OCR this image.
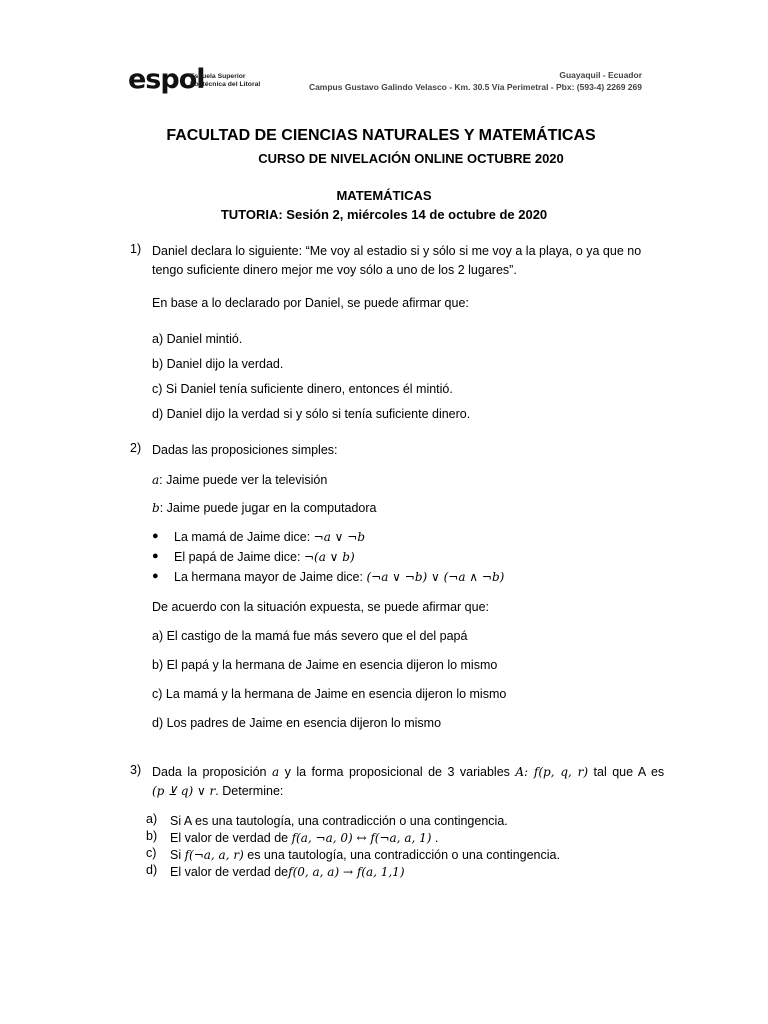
espol
Escuela Superior
Politécnica del Litoral
Guayaquil - Ecuador
Campus Gustavo Galindo Velasco - Km. 30.5 Vía Perimetral - Pbx: (593-4) 2269 269
FACULTAD DE CIENCIAS NATURALES Y MATEMÁTICAS
CURSO DE NIVELACIÓN ONLINE OCTUBRE 2020
MATEMÁTICAS
TUTORIA: Sesión 2, miércoles 14 de octubre de 2020
1) Daniel declara lo siguiente: “Me voy al estadio si y sólo si me voy a la playa, o ya que no
tengo suficiente dinero mejor me voy sólo a uno de los 2 lugares”.
En base a lo declarado por Daniel, se puede afirmar que:
a) Daniel mintió.
b) Daniel dijo la verdad.
c) Si Daniel tenía suficiente dinero, entonces él mintió.
d) Daniel dijo la verdad si y sólo si tenía suficiente dinero.
2) Dadas las proposiciones simples:
a: Jaime puede ver la televisión
b: Jaime puede jugar en la computadora
● La mamá de Jaime dice: ¬a ∨ ¬b
● El papá de Jaime dice: ¬(a ∨ b)
● La hermana mayor de Jaime dice: (¬a ∨ ¬b) ∨ (¬a ∧ ¬b)
De acuerdo con la situación expuesta, se puede afirmar que:
a) El castigo de la mamá fue más severo que el del papá
b) El papá y la hermana de Jaime en esencia dijeron lo mismo
c) La mamá y la hermana de Jaime en esencia dijeron lo mismo
d) Los padres de Jaime en esencia dijeron lo mismo
3) Dada la proposición a y la forma proposicional de 3 variables A: f(p, q, r) tal que A es
(p ⊻ q) ∨ r. Determine:
a) Si A es una tautología, una contradicción o una contingencia.
b) El valor de verdad de f(a, ¬a, 0) ↔ f(¬a, a, 1) .
c) Si f(¬a, a, r) es una tautología, una contradicción o una contingencia.
d) El valor de verdad def(0, a, a) → f(a, 1,1)
